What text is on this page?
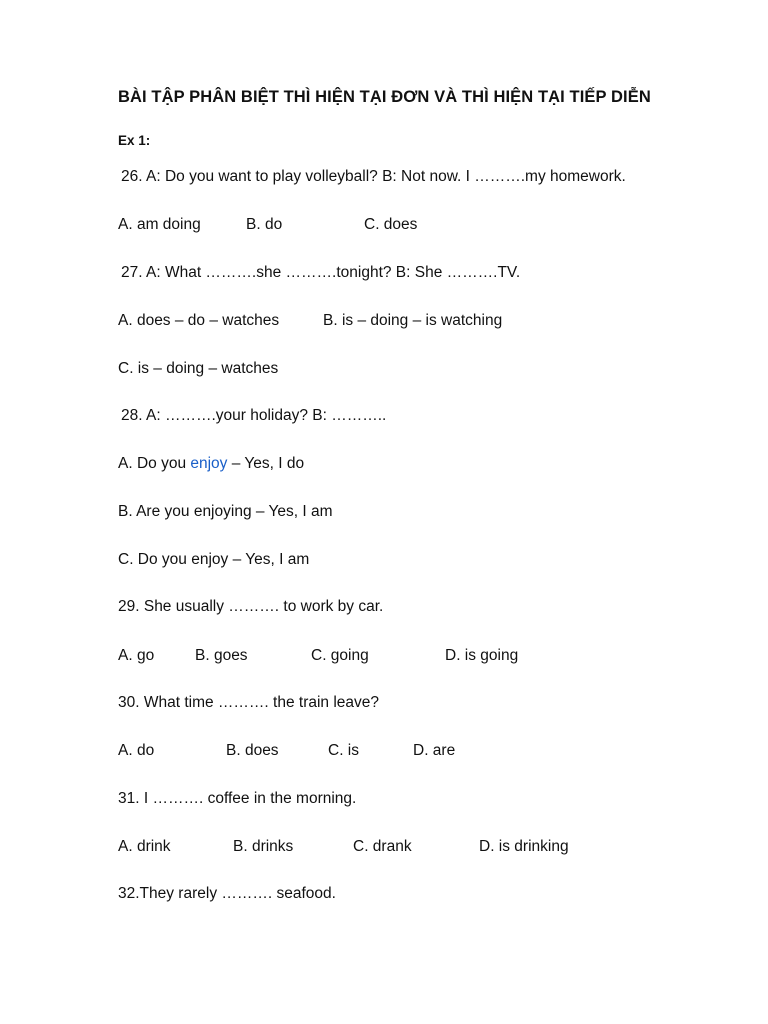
BÀI TẬP PHÂN BIỆT THÌ HIỆN TẠI ĐƠN VÀ THÌ HIỆN TẠI TIẾP DIỄN
Ex 1:
26. A: Do you want to play volleyball? B: Not now. I ……….my homework.
A. am doing	B. do	C. does
27. A: What ……….she ……….tonight? B: She ……….TV.
A. does – do – watches	B. is – doing – is watching
C. is – doing – watches
28. A: ……….your holiday? B: ………..
A. Do you enjoy – Yes, I do
B. Are you enjoying – Yes, I am
C. Do you enjoy – Yes, I am
29. She usually ………. to work by car.
A. go	B. goes	C. going	D. is going
30. What time ………. the train leave?
A. do	B. does	C. is	D. are
31. I ………. coffee in the morning.
A. drink	B. drinks	C. drank	D. is drinking
32.They rarely ………. seafood.
